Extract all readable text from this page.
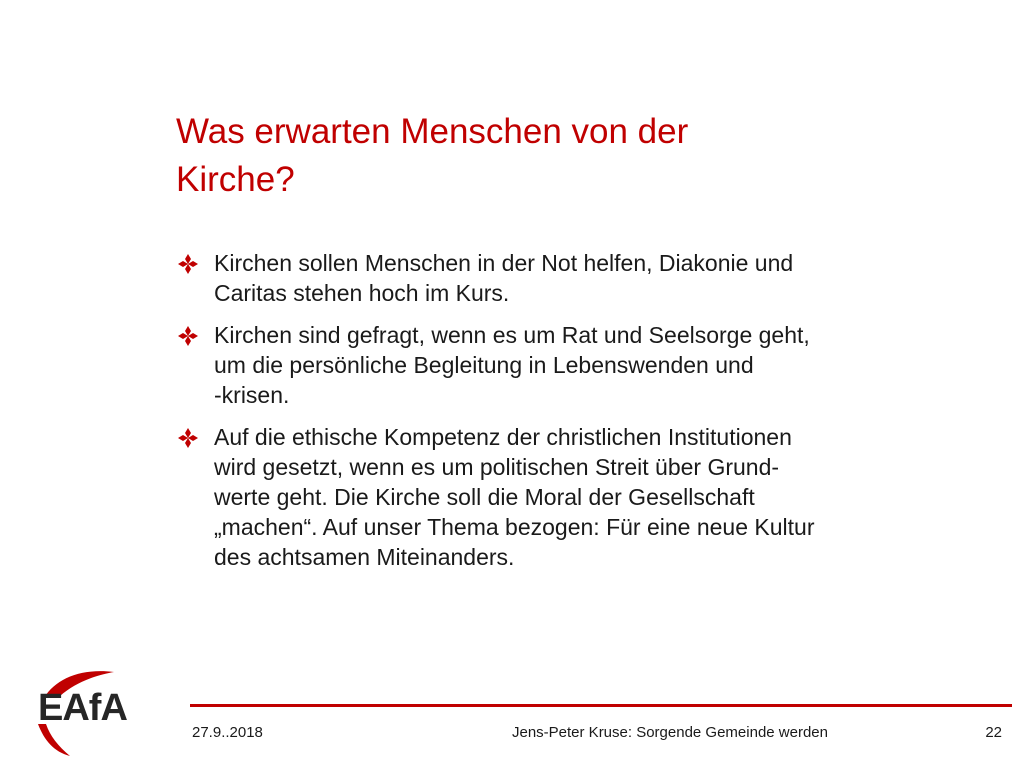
Was erwarten Menschen von der Kirche?
Kirchen sollen Menschen in der Not helfen, Diakonie und
Caritas stehen hoch im Kurs.
Kirchen sind gefragt, wenn es um Rat und Seelsorge geht,
um die persönliche Begleitung in Lebenswenden und
-krisen.
Auf die ethische Kompetenz der christlichen Institutionen
wird gesetzt, wenn es um politischen Streit über Grund-
werte geht. Die Kirche soll die Moral der Gesellschaft
„machen“. Auf unser Thema bezogen: Für eine neue Kultur
des achtsamen Miteinanders.
EAfA
27.9..2018	Jens-Peter Kruse: Sorgende Gemeinde werden	22
